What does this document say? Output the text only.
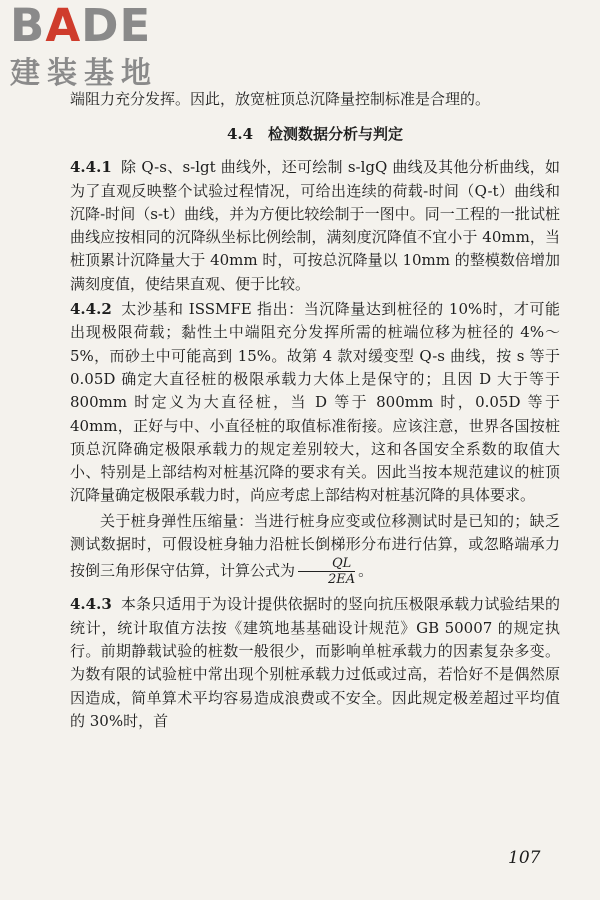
BADE
建装基地

端阻力充分发挥。因此，放宽桩顶总沉降量控制标准是合理的。

4.4　检测数据分析与判定

4.4.1 除 Q-s、s-lgt 曲线外，还可绘制 s-lgQ 曲线及其他分析曲线，如为了直观反映整个试验过程情况，可给出连续的荷载-时间（Q-t）曲线和沉降-时间（s-t）曲线，并为方便比较绘制于一图中。同一工程的一批试桩曲线应按相同的沉降纵坐标比例绘制，满刻度沉降值不宜小于 40mm，当桩顶累计沉降量大于 40mm 时，可按总沉降量以 10mm 的整模数倍增加满刻度值，使结果直观、便于比较。

4.4.2 太沙基和 ISSMFE 指出：当沉降量达到桩径的 10%时，才可能出现极限荷载；黏性土中端阻充分发挥所需的桩端位移为桩径的 4%～5%，而砂土中可能高到 15%。故第 4 款对缓变型 Q-s 曲线，按 s 等于 0.05D 确定大直径桩的极限承载力大体上是保守的；且因 D 大于等于 800mm 时定义为大直径桩，当 D 等于 800mm 时，0.05D 等于 40mm，正好与中、小直径桩的取值标准衔接。应该注意，世界各国按桩顶总沉降确定极限承载力的规定差别较大，这和各国安全系数的取值大小、特别是上部结构对桩基沉降的要求有关。因此当按本规范建议的桩顶沉降量确定极限承载力时，尚应考虑上部结构对桩基沉降的具体要求。

关于桩身弹性压缩量：当进行桩身应变或位移测试时是已知的；缺乏测试数据时，可假设桩身轴力沿桩长倒梯形分布进行估算，或忽略端承力按倒三角形保守估算，计算公式为 $\frac{QL}{2EA}$ 。

4.4.3 本条只适用于为设计提供依据时的竖向抗压极限承载力试验结果的统计，统计取值方法按《建筑地基基础设计规范》GB 50007 的规定执行。前期静载试验的桩数一般很少，而影响单桩承载力的因素复杂多变。为数有限的试验桩中常出现个别桩承载力过低或过高，若恰好不是偶然原因造成，简单算术平均容易造成浪费或不安全。因此规定极差超过平均值的 30%时，首

107
